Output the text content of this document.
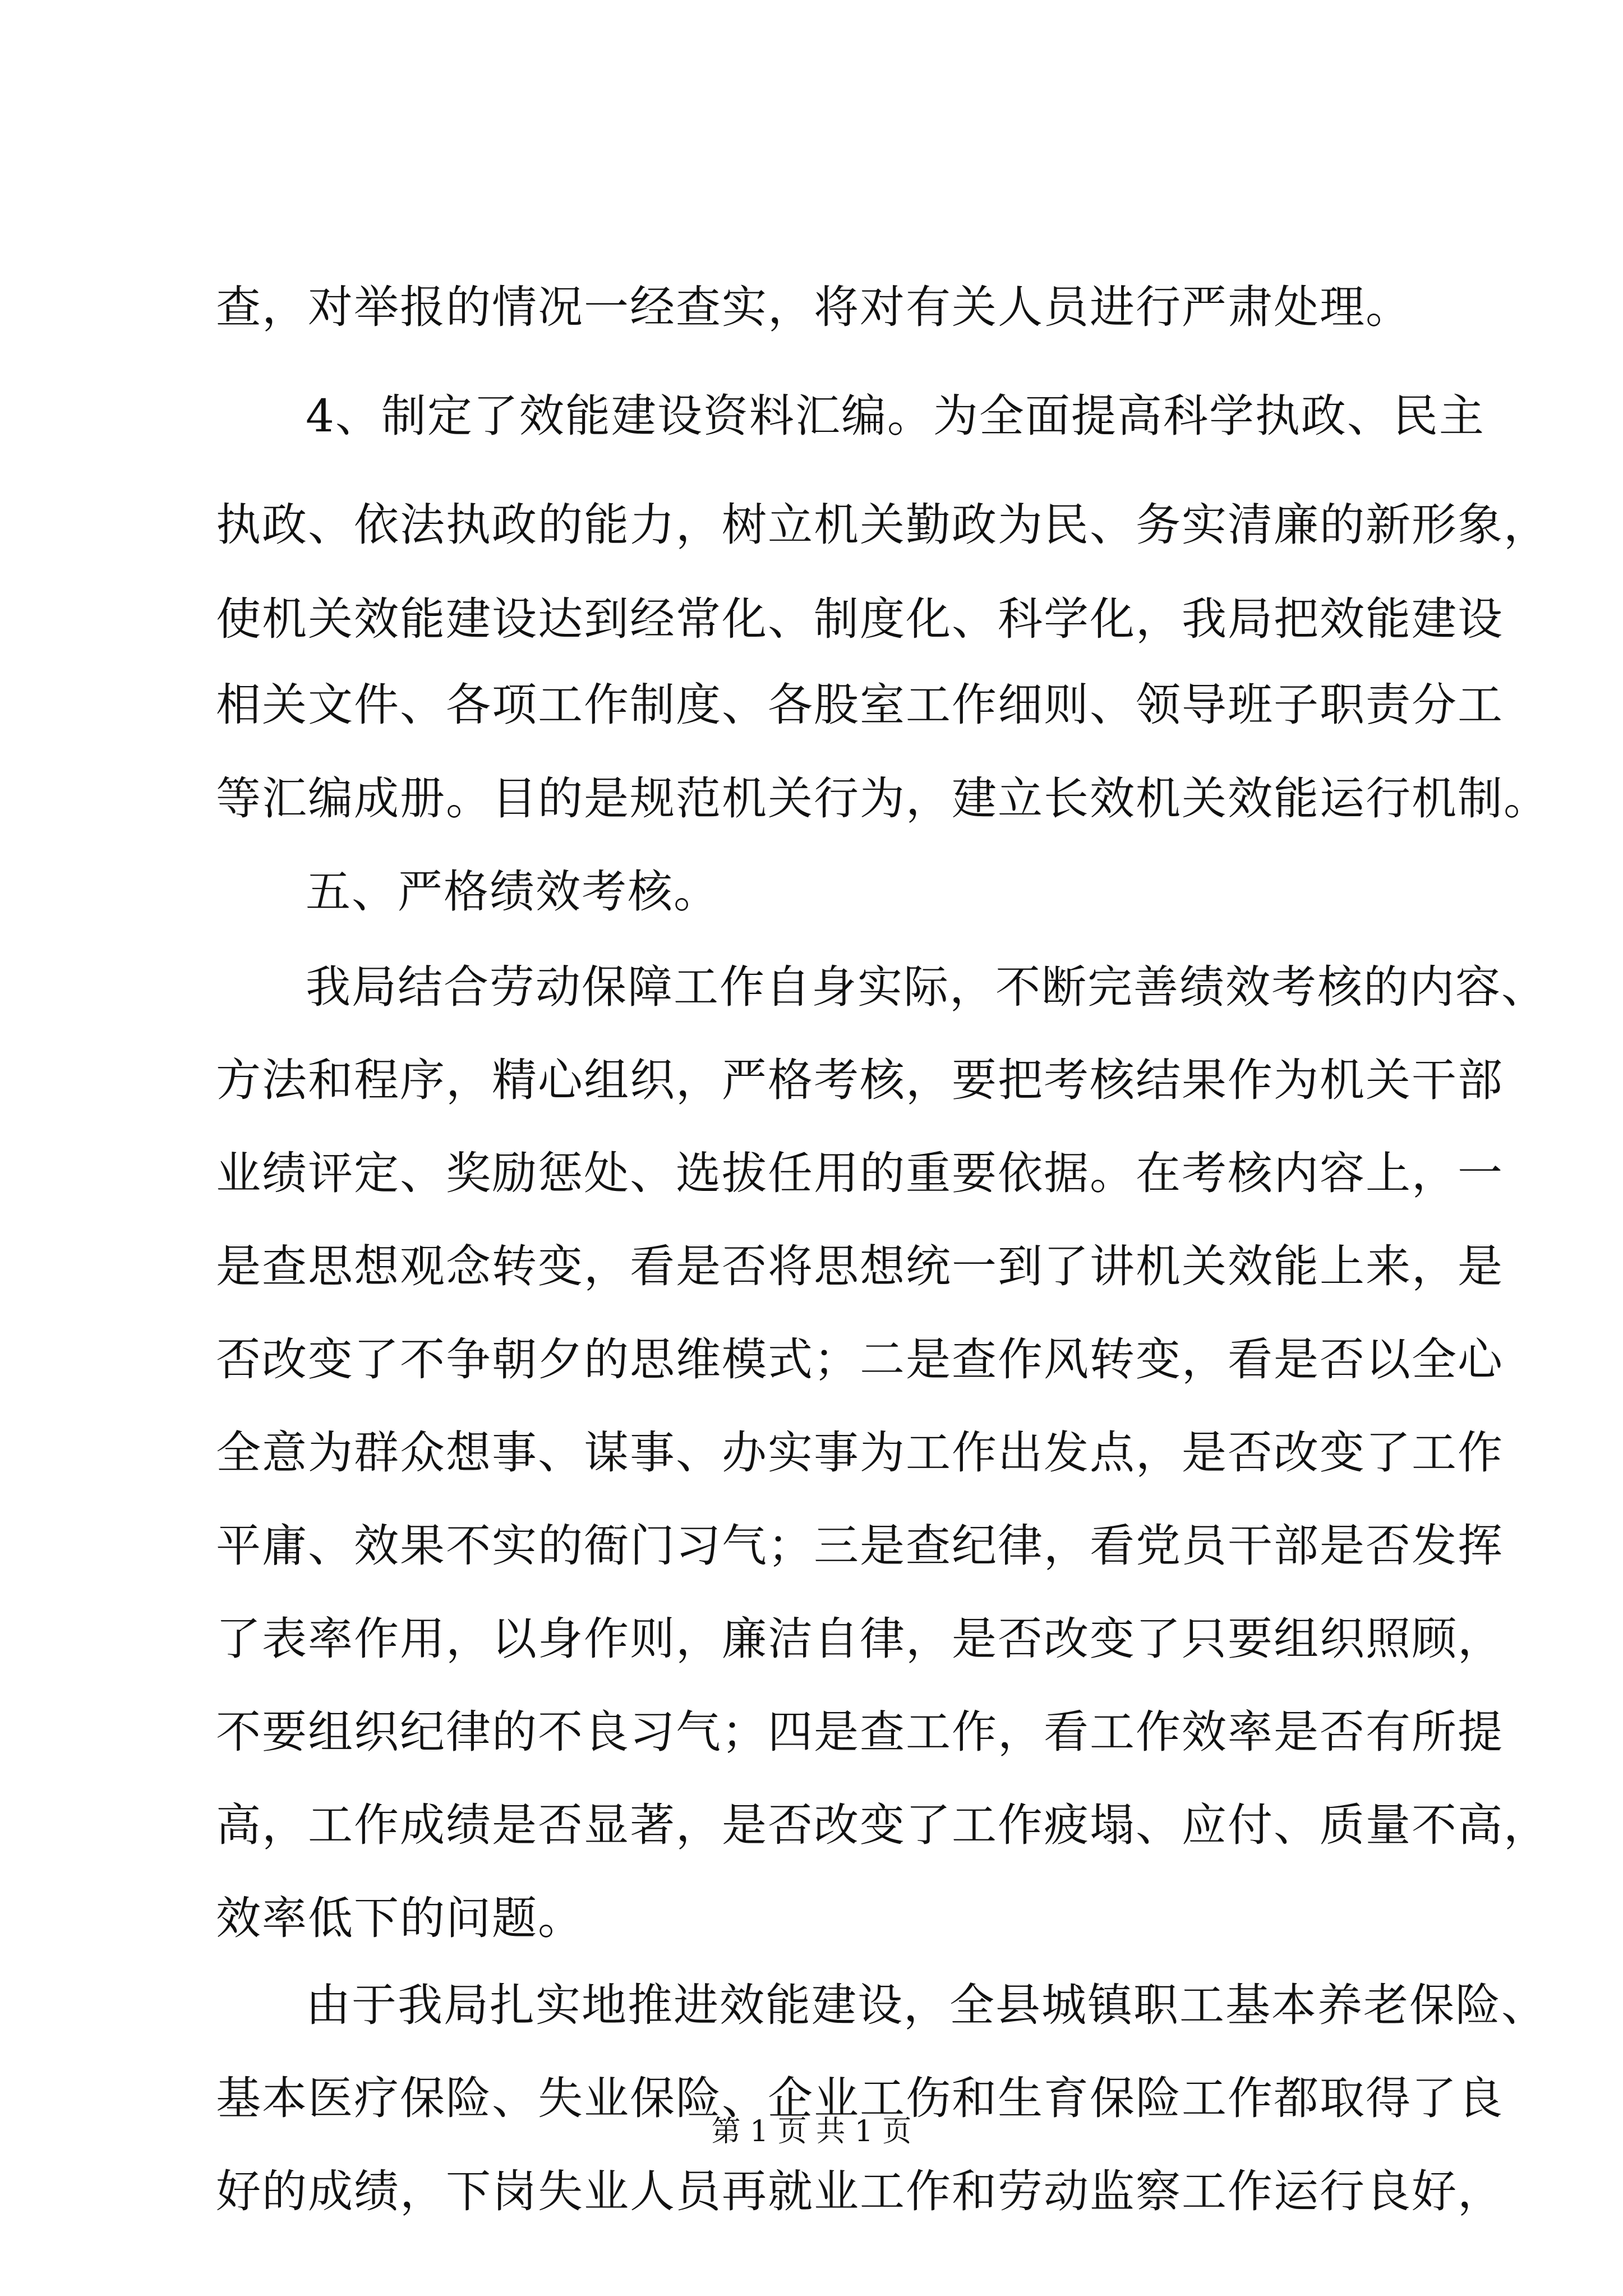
查，对举报的情况一经查实，将对有关人员进行严肃处理。
4、制定了效能建设资料汇编。为全面提高科学执政、民主
执政、依法执政的能力，树立机关勤政为民、务实清廉的新形象，
使机关效能建设达到经常化、制度化、科学化，我局把效能建设
相关文件、各项工作制度、各股室工作细则、领导班子职责分工
等汇编成册。目的是规范机关行为，建立长效机关效能运行机制。
五、严格绩效考核。
我局结合劳动保障工作自身实际，不断完善绩效考核的内容、
方法和程序，精心组织，严格考核，要把考核结果作为机关干部
业绩评定、奖励惩处、选拔任用的重要依据。在考核内容上，一
是查思想观念转变，看是否将思想统一到了讲机关效能上来，是
否改变了不争朝夕的思维模式；二是查作风转变，看是否以全心
全意为群众想事、谋事、办实事为工作出发点，是否改变了工作
平庸、效果不实的衙门习气；三是查纪律，看党员干部是否发挥
了表率作用，以身作则，廉洁自律，是否改变了只要组织照顾，
不要组织纪律的不良习气；四是查工作，看工作效率是否有所提
高，工作成绩是否显著，是否改变了工作疲塌、应付、质量不高，
效率低下的问题。
由于我局扎实地推进效能建设，全县城镇职工基本养老保险、
基本医疗保险、失业保险、企业工伤和生育保险工作都取得了良
好的成绩，下岗失业人员再就业工作和劳动监察工作运行良好，
第 1 页 共 1 页
